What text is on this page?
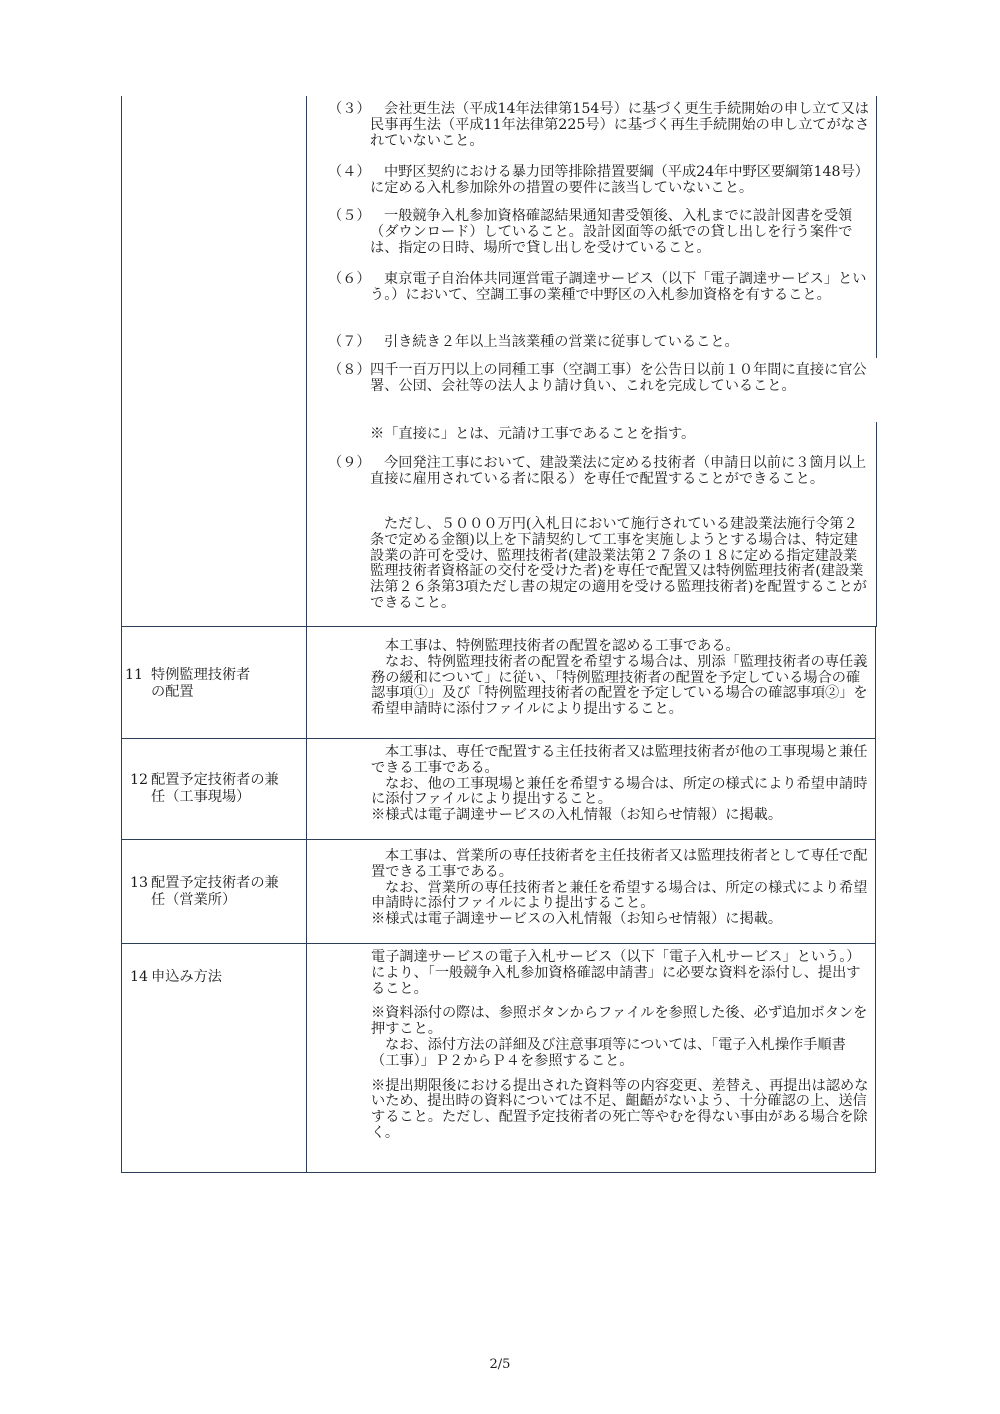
（３） 会社更生法（平成14年法律第154号）に基づく更生手続開始の申し立て又は民事再生法（平成11年法律第225号）に基づく再生手続開始の申し立てがなされていないこと。
（４） 中野区契約における暴力団等排除措置要綱（平成24年中野区要綱第148号）に定める入札参加除外の措置の要件に該当していないこと。
（５） 一般競争入札参加資格確認結果通知書受領後、入札までに設計図書を受領（ダウンロード）していること。設計図面等の紙での貸し出しを行う案件では、指定の日時、場所で貸し出しを受けていること。
（６） 東京電子自治体共同運営電子調達サービス（以下「電子調達サービス」という。）において、空調工事の業種で中野区の入札参加資格を有すること。
（７） 引き続き２年以上当該業種の営業に従事していること。
（８） 四千一百万円以上の同種工事（空調工事）を公告日以前１０年間に直接に官公署、公団、会社等の法人より請け負い、これを完成していること。
※「直接に」とは、元請け工事であることを指す。
（９） 今回発注工事において、建設業法に定める技術者（申請日以前に３箇月以上直接に雇用されている者に限る）を専任で配置することができること。
ただし、５０００万円(入札日において施行されている建設業法施行令第２条で定める金額)以上を下請契約して工事を実施しようとする場合は、特定建設業の許可を受け、監理技術者(建設業法第２７条の１８に定める指定建設業監理技術者資格証の交付を受けた者)を専任で配置又は特例監理技術者(建設業法第２６条第3項ただし書の規定の適用を受ける監理技術者)を配置することができること。
11 特例監理技術者
の配置

本工事は、特例監理技術者の配置を認める工事である。

なお、特例監理技術者の配置を希望する場合は、別添「監理技術者の専任義務の緩和について」に従い、「特例監理技術者の配置を予定している場合の確認事項①」及び「特例監理技術者の配置を予定している場合の確認事項②」を希望申請時に添付ファイルにより提出すること。

12 配置予定技術者の兼
任（工事現場）

本工事は、専任で配置する主任技術者又は監理技術者が他の工事現場と兼任できる工事である。

なお、他の工事現場と兼任を希望する場合は、所定の様式により希望申請時に添付ファイルにより提出すること。

※様式は電子調達サービスの入札情報（お知らせ情報）に掲載。

13 配置予定技術者の兼
任（営業所）

本工事は、営業所の専任技術者を主任技術者又は監理技術者として専任で配置できる工事である。

なお、営業所の専任技術者と兼任を希望する場合は、所定の様式により希望申請時に添付ファイルにより提出すること。

※様式は電子調達サービスの入札情報（お知らせ情報）に掲載。

14 申込み方法

電子調達サービスの電子入札サービス（以下「電子入札サービス」という。）により、「一般競争入札参加資格確認申請書」に必要な資料を添付し、提出すること。

※資料添付の際は、参照ボタンからファイルを参照した後、必ず追加ボタンを押すこと。

なお、添付方法の詳細及び注意事項等については、「電子入札操作手順書（工事）」Ｐ２からＰ４を参照すること。

※提出期限後における提出された資料等の内容変更、差替え、再提出は認めないため、提出時の資料については不足、齟齬がないよう、十分確認の上、送信すること。ただし、配置予定技術者の死亡等やむを得ない事由がある場合を除く。

2/5
